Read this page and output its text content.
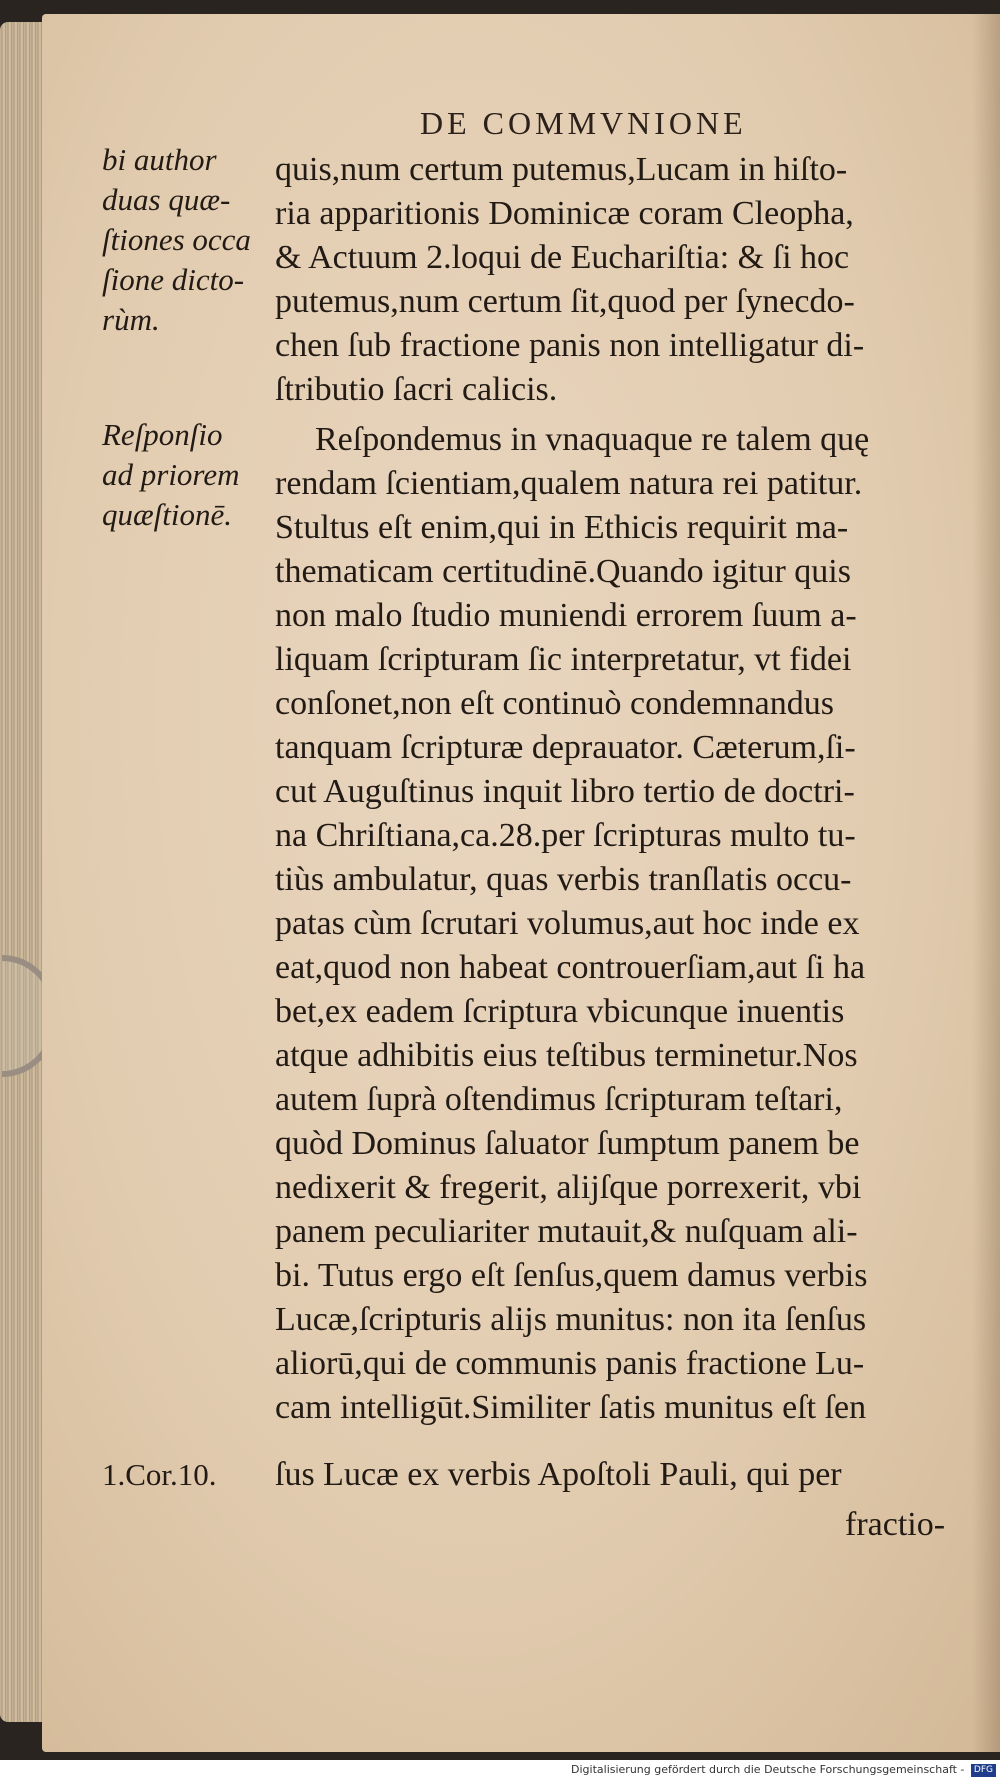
DE COMMVNIONE
bi author
duas quæ-
ſtiones occa
ſione dicto-
rùm.
Reſponſio
ad priorem
quæſtionē.
1.Cor.10.
quis,num certum putemus,Lucam in hiſto-
ria apparitionis Dominicæ coram Cleopha,
& Actuum 2.loqui de Euchariſtia: & ſi hoc
putemus,num certum ſit,quod per ſynecdo-
chen ſub fractione panis non intelligatur di-
ſtributio ſacri calicis.
Reſpondemus in vnaquaque re talem quę
rendam ſcientiam,qualem natura rei patitur.
Stultus eſt enim,qui in Ethicis requirit ma-
thematicam certitudinē.Quando igitur quis
non malo ſtudio muniendi errorem ſuum a-
liquam ſcripturam ſic interpretatur, vt fidei
conſonet,non eſt continuò condemnandus
tanquam ſcripturæ deprauator. Cæterum,ſi-
cut Auguſtinus inquit libro tertio de doctri-
na Chriſtiana,ca.28.per ſcripturas multo tu-
tiùs ambulatur, quas verbis tranſlatis occu-
patas cùm ſcrutari volumus,aut hoc inde ex
eat,quod non habeat controuerſiam,aut ſi ha
bet,ex eadem ſcriptura vbicunque inuentis
atque adhibitis eius teſtibus terminetur.Nos
autem ſuprà oſtendimus ſcripturam teſtari,
quòd Dominus ſaluator ſumptum panem be
nedixerit & fregerit, alijſque porrexerit, vbi
panem peculiariter mutauit,& nuſquam ali-
bi. Tutus ergo eſt ſenſus,quem damus verbis
Lucæ,ſcripturis alijs munitus: non ita ſenſus
aliorū,qui de communis panis fractione Lu-
cam intelligūt.Similiter ſatis munitus eſt ſen
ſus Lucæ ex verbis Apoſtoli Pauli, qui per
fractio-
Digitalisierung gefördert durch die Deutsche Forschungsgemeinschaft - DFG
